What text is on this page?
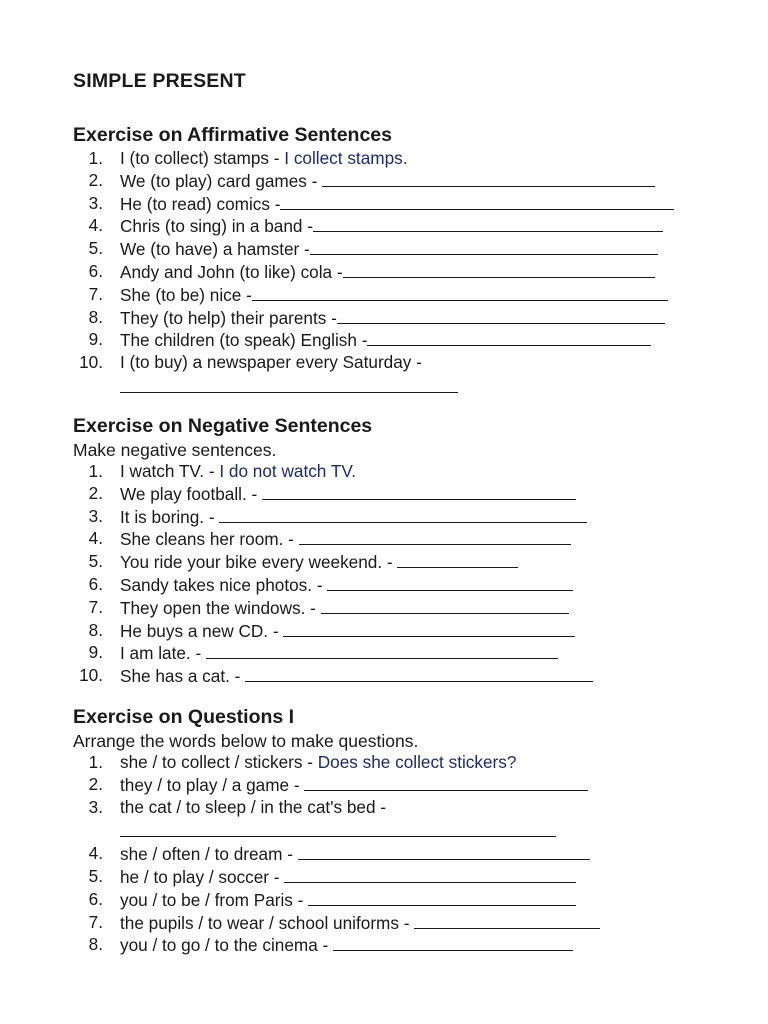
SIMPLE PRESENT
Exercise on Affirmative Sentences
1. I (to collect) stamps - I collect stamps.
2. We (to play) card games -
3. He (to read) comics -
4. Chris (to sing) in a band -
5. We (to have) a hamster -
6. Andy and John (to like) cola -
7. She (to be) nice -
8. They (to help) their parents -
9. The children (to speak) English -
10. I (to buy) a newspaper every Saturday -
Exercise on Negative Sentences
Make negative sentences.
1. I watch TV. - I do not watch TV.
2. We play football. -
3. It is boring. -
4. She cleans her room. -
5. You ride your bike every weekend. -
6. Sandy takes nice photos. -
7. They open the windows. -
8. He buys a new CD. -
9. I am late. -
10. She has a cat. -
Exercise on Questions I
Arrange the words below to make questions.
1. she / to collect / stickers - Does she collect stickers?
2. they / to play / a game -
3. the cat / to sleep / in the cat's bed -
4. she / often / to dream -
5. he / to play / soccer -
6. you / to be / from Paris -
7. the pupils / to wear / school uniforms -
8. you / to go / to the cinema -
